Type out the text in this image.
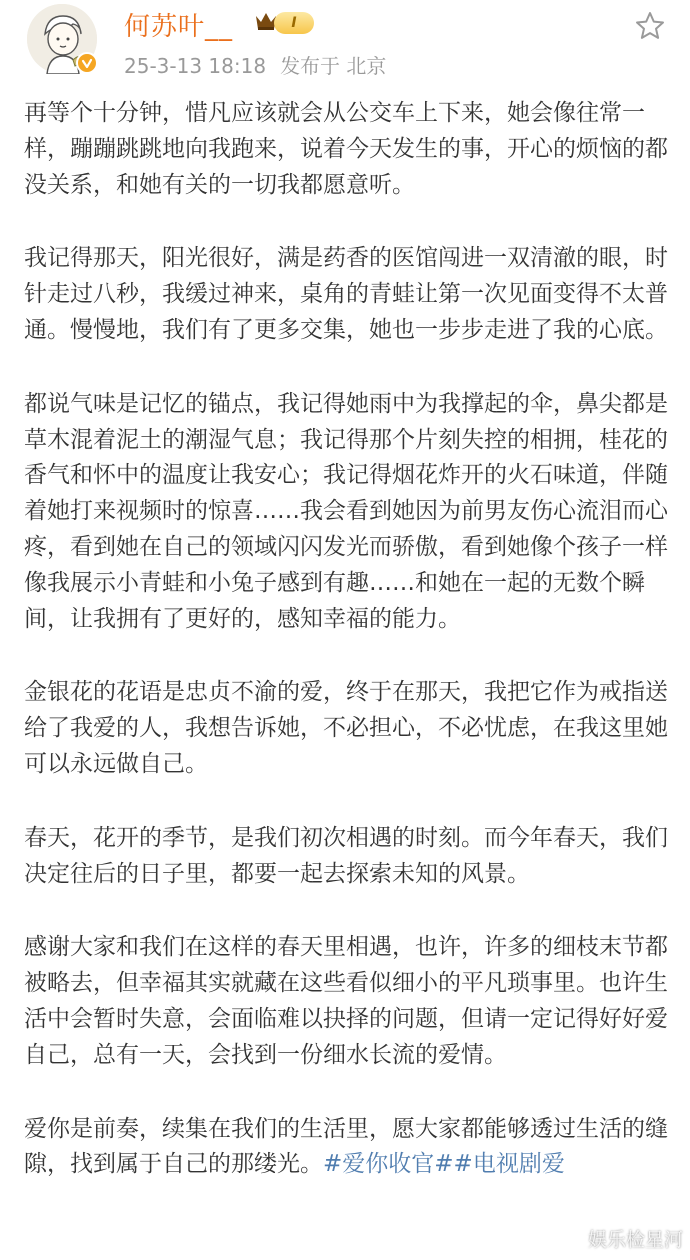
何苏叶__	I
25-3-13 18:18 发布于 北京

再等个十分钟，惜凡应该就会从公交车上下来，她会像往常一样，蹦蹦跳跳地向我跑来，说着今天发生的事，开心的烦恼的都没关系，和她有关的一切我都愿意听。

我记得那天，阳光很好，满是药香的医馆闯进一双清澈的眼，时针走过八秒，我缓过神来，桌角的青蛙让第一次见面变得不太普通。慢慢地，我们有了更多交集，她也一步步走进了我的心底。

都说气味是记忆的锚点，我记得她雨中为我撑起的伞，鼻尖都是草木混着泥土的潮湿气息；我记得那个片刻失控的相拥，桂花的香气和怀中的温度让我安心；我记得烟花炸开的火石味道，伴随着她打来视频时的惊喜……我会看到她因为前男友伤心流泪而心疼，看到她在自己的领域闪闪发光而骄傲，看到她像个孩子一样像我展示小青蛙和小兔子感到有趣……和她在一起的无数个瞬间，让我拥有了更好的，感知幸福的能力。

金银花的花语是忠贞不渝的爱，终于在那天，我把它作为戒指送给了我爱的人，我想告诉她，不必担心，不必忧虑，在我这里她可以永远做自己。

春天，花开的季节，是我们初次相遇的时刻。而今年春天，我们决定往后的日子里，都要一起去探索未知的风景。

感谢大家和我们在这样的春天里相遇，也许，许多的细枝末节都被略去，但幸福其实就藏在这些看似细小的平凡琐事里。也许生活中会暂时失意，会面临难以抉择的问题，但请一定记得好好爱自己，总有一天，会找到一份细水长流的爱情。

爱你是前奏，续集在我们的生活里，愿大家都能够透过生活的缝隙，找到属于自己的那缕光。#爱你收官##电视剧爱

娱乐检星河
